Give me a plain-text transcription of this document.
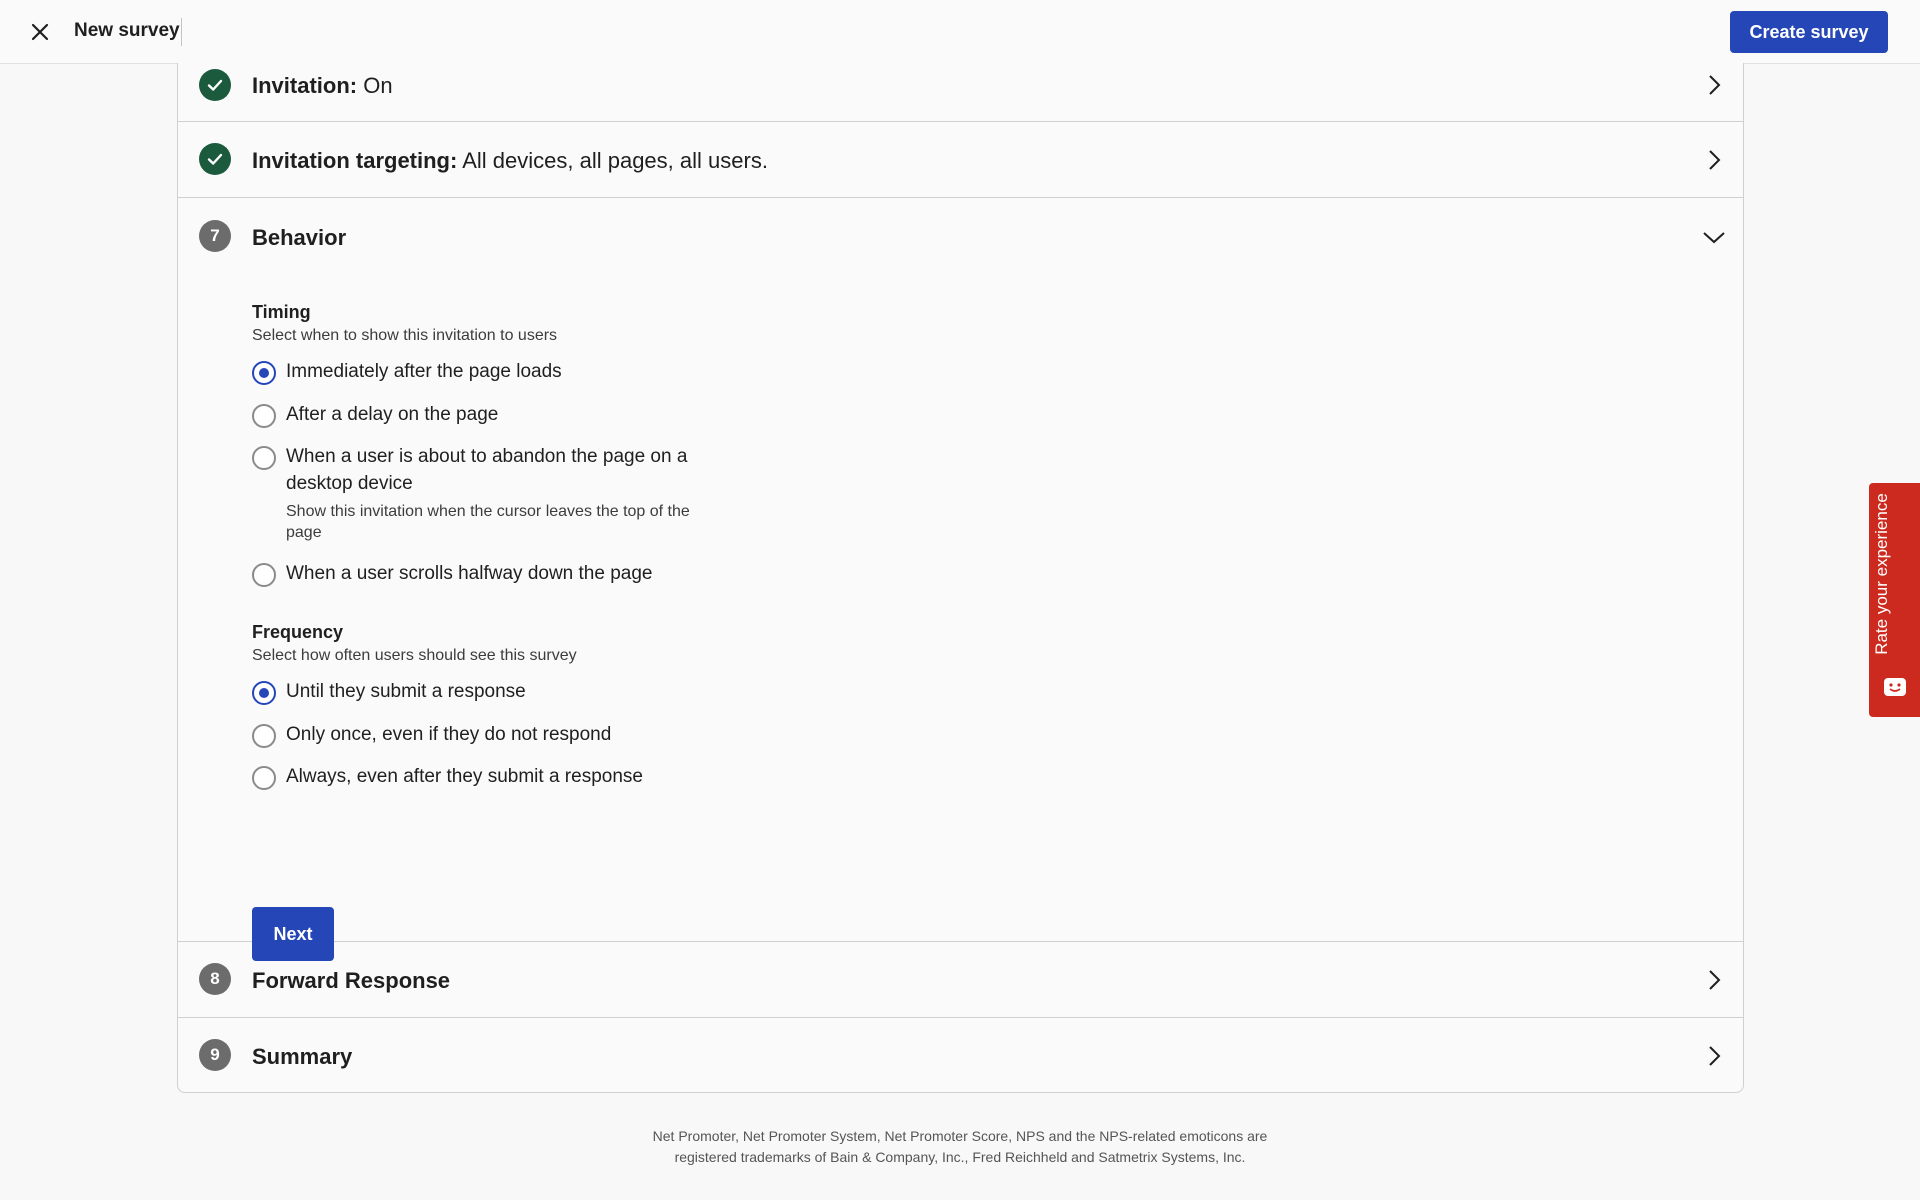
New survey	Create survey
Invitation: On
Invitation targeting: All devices, all pages, all users.
7	Behavior
Timing
Select when to show this invitation to users
Immediately after the page loads
After a delay on the page
When a user is about to abandon the page on a desktop device
Show this invitation when the cursor leaves the top of the page
When a user scrolls halfway down the page
Frequency
Select how often users should see this survey
Until they submit a response
Only once, even if they do not respond
Always, even after they submit a response
Next
8	Forward Response
9	Summary
Net Promoter, Net Promoter System, Net Promoter Score, NPS and the NPS-related emoticons are
registered trademarks of Bain & Company, Inc., Fred Reichheld and Satmetrix Systems, Inc.
Rate your experience
